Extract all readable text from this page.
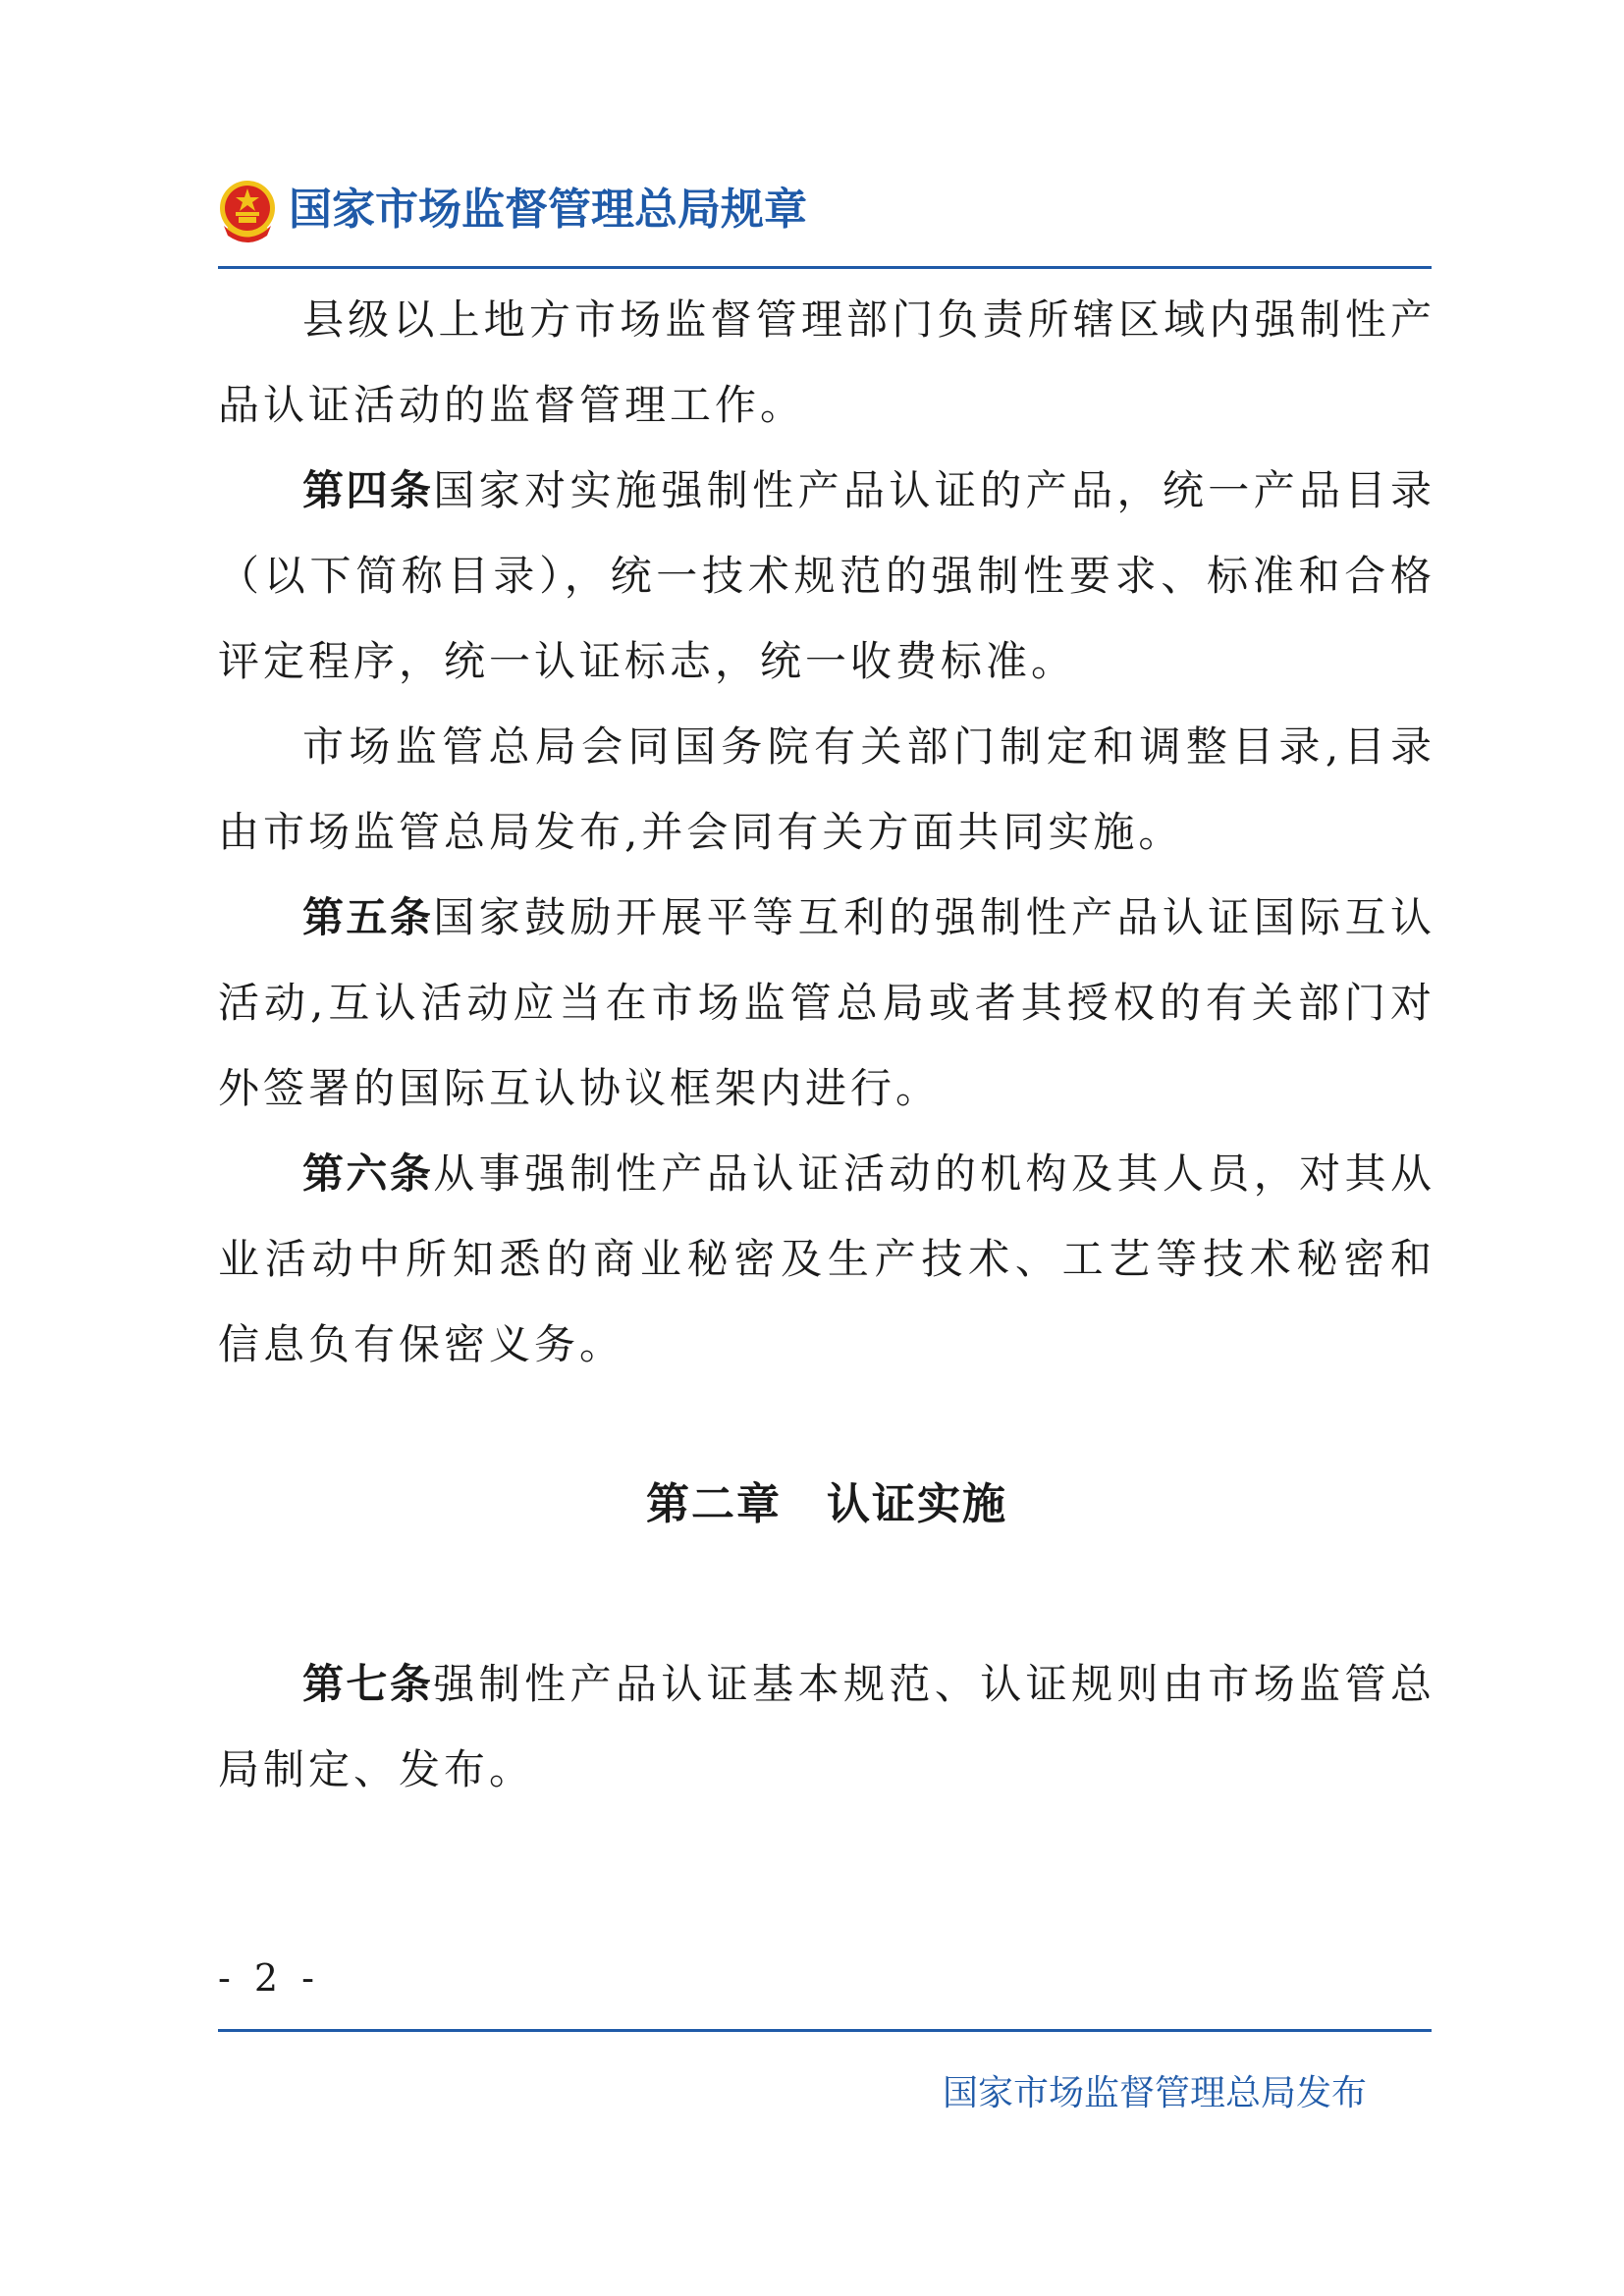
国家市场监督管理总局规章

县级以上地方市场监督管理部门负责所辖区域内强制性产品认证活动的监督管理工作。

第四条国家对实施强制性产品认证的产品，统一产品目录（以下简称目录），统一技术规范的强制性要求、标准和合格评定程序，统一认证标志，统一收费标准。

市场监管总局会同国务院有关部门制定和调整目录,目录由市场监管总局发布,并会同有关方面共同实施。

第五条国家鼓励开展平等互利的强制性产品认证国际互认活动,互认活动应当在市场监管总局或者其授权的有关部门对外签署的国际互认协议框架内进行。

第六条从事强制性产品认证活动的机构及其人员，对其从业活动中所知悉的商业秘密及生产技术、工艺等技术秘密和信息负有保密义务。

第二章　认证实施

第七条强制性产品认证基本规范、认证规则由市场监管总局制定、发布。

- 2 -
国家市场监督管理总局发布
